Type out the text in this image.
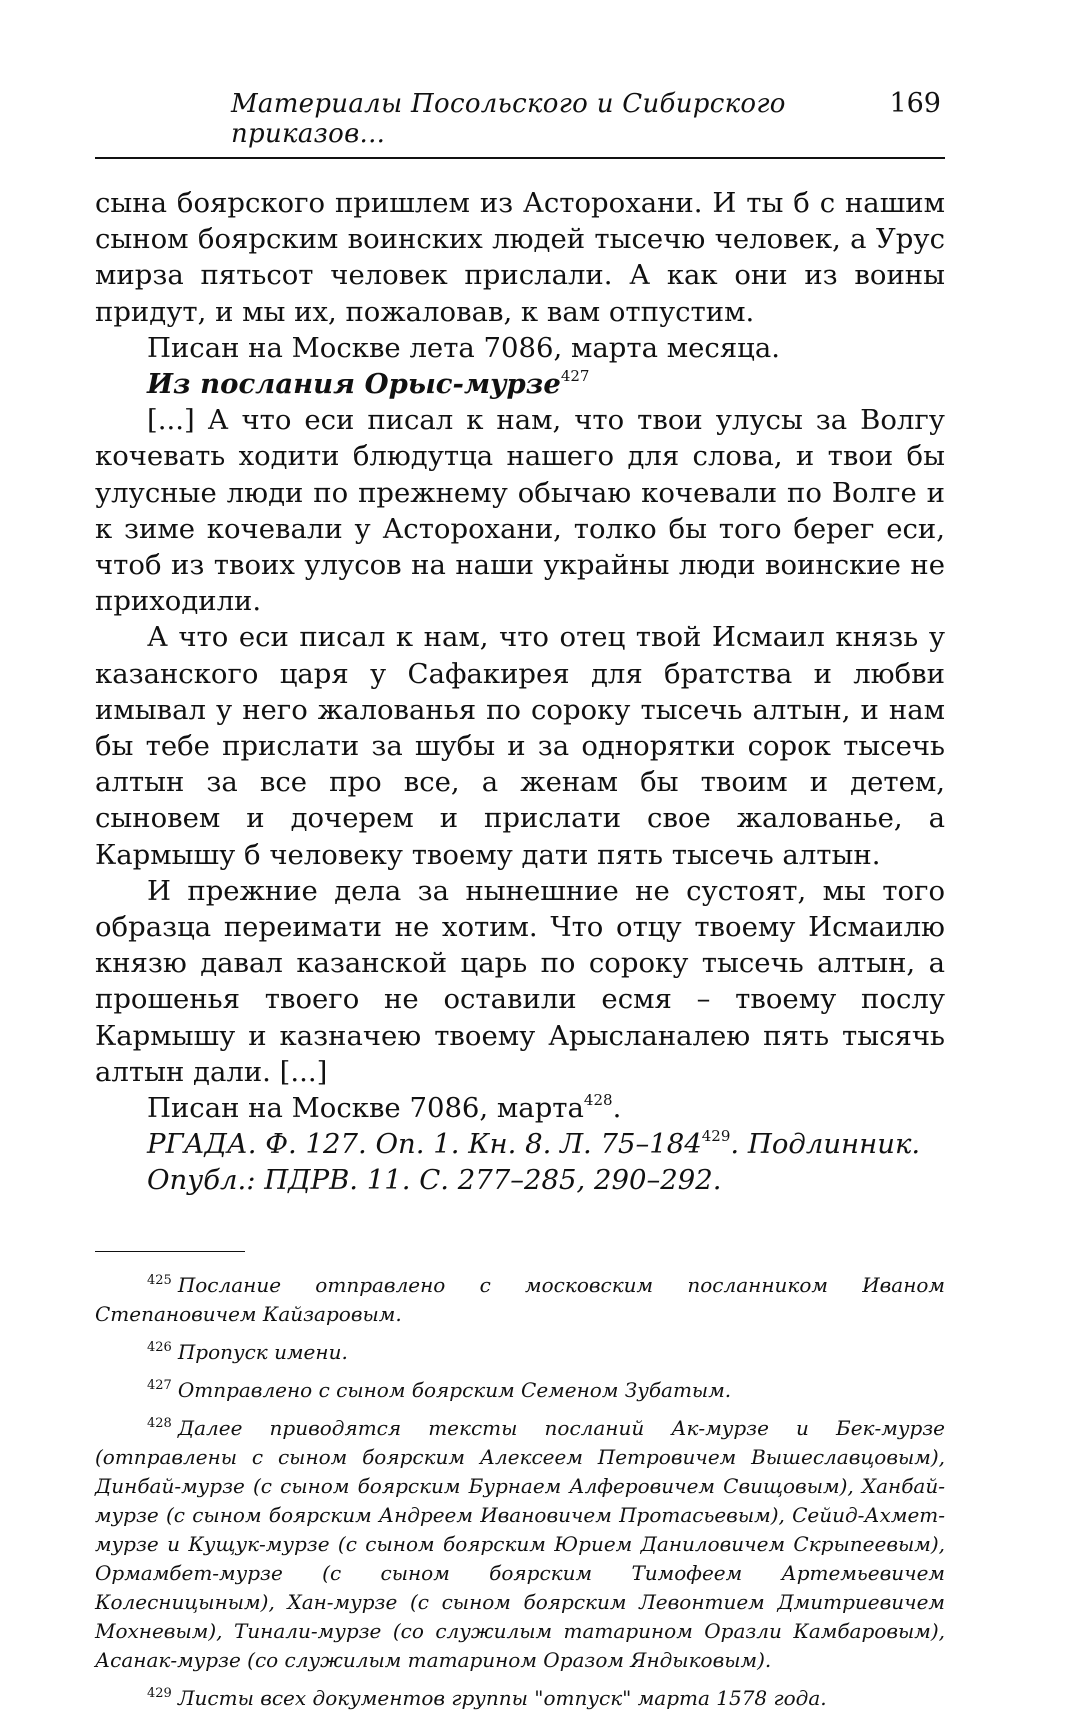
Материалы Посольского и Сибирского приказов...
169

сына боярского пришлем из Асторохани. И ты б с нашим сыном боярским воинских людей тысечю человек, а Урус мирза пятьсот человек прислали. А как они из воины придут, и мы их, пожаловав, к вам отпустим.

Писан на Москве лета 7086, марта месяца.

Из послания Орыс-мурзе$^{427}$

[...] А что еси писал к нам, что твои улусы за Волгу кочевать ходити блюдутца нашего для слова, и твои бы улусные люди по прежнему обычаю кочевали по Волге и к зиме кочевали у Асторохани, толко бы того берег еси, чтоб из твоих улусов на наши украйны люди воинские не приходили.

А что еси писал к нам, что отец твой Исмаил князь у казанского царя у Сафакирея для братства и любви имывал у него жалованья по сороку тысечь алтын, и нам бы тебе прислати за шубы и за однорятки сорок тысечь алтын за все про все, а женам бы твоим и детем, сыновем и дочерем и прислати свое жалованье, а Кармышу б человеку твоему дати пять тысечь алтын.

И прежние дела за нынешние не сустоят, мы того образца переимати не хотим. Что отцу твоему Исмаилю князю давал казанской царь по сороку тысечь алтын, а прошенья твоего не оставили есмя – твоему послу Кармышу и казначею твоему Арысланалею пять тысячь алтын дали. [...]

Писан на Москве 7086, марта$^{428}$.

РГАДА. Ф. 127. Оп. 1. Кн. 8. Л. $75-184^{429}$. Подлинник.

Опубл.: ПДРВ. 11. С. 277–285, 290–292.

$^{425}$ Послание отправлено с московским посланником Иваном Степановичем Кайзаровым.

$^{426}$ Пропуск имени.

$^{427}$ Отправлено с сыном боярским Семеном Зубатым.

$^{428}$ Далее приводятся тексты посланий Ак-мурзе и Бек-мурзе (отправлены с сыном боярским Алексеем Петровичем Вышеславцовым), Динбай-мурзе (с сыном боярским Бурнаем Алферовичем Свищовым), Ханбай-мурзе (с сыном боярским Андреем Ивановичем Протасьевым), Сейид-Ахмет-мурзе и Кущук-мурзе (с сыном боярским Юрием Даниловичем Скрыпеевым), Ормамбет-мурзе (с сыном боярским Тимофеем Артемьевичем Колесницыным), Хан-мурзе (с сыном боярским Левонтием Дмитриевичем Мохневым), Тинали-мурзе (со служилым татарином Оразли Камбаровым), Асанак-мурзе (со служилым татарином Оразом Яндыковым).

$^{429}$ Листы всех документов группы "отпуск" марта 1578 года.
